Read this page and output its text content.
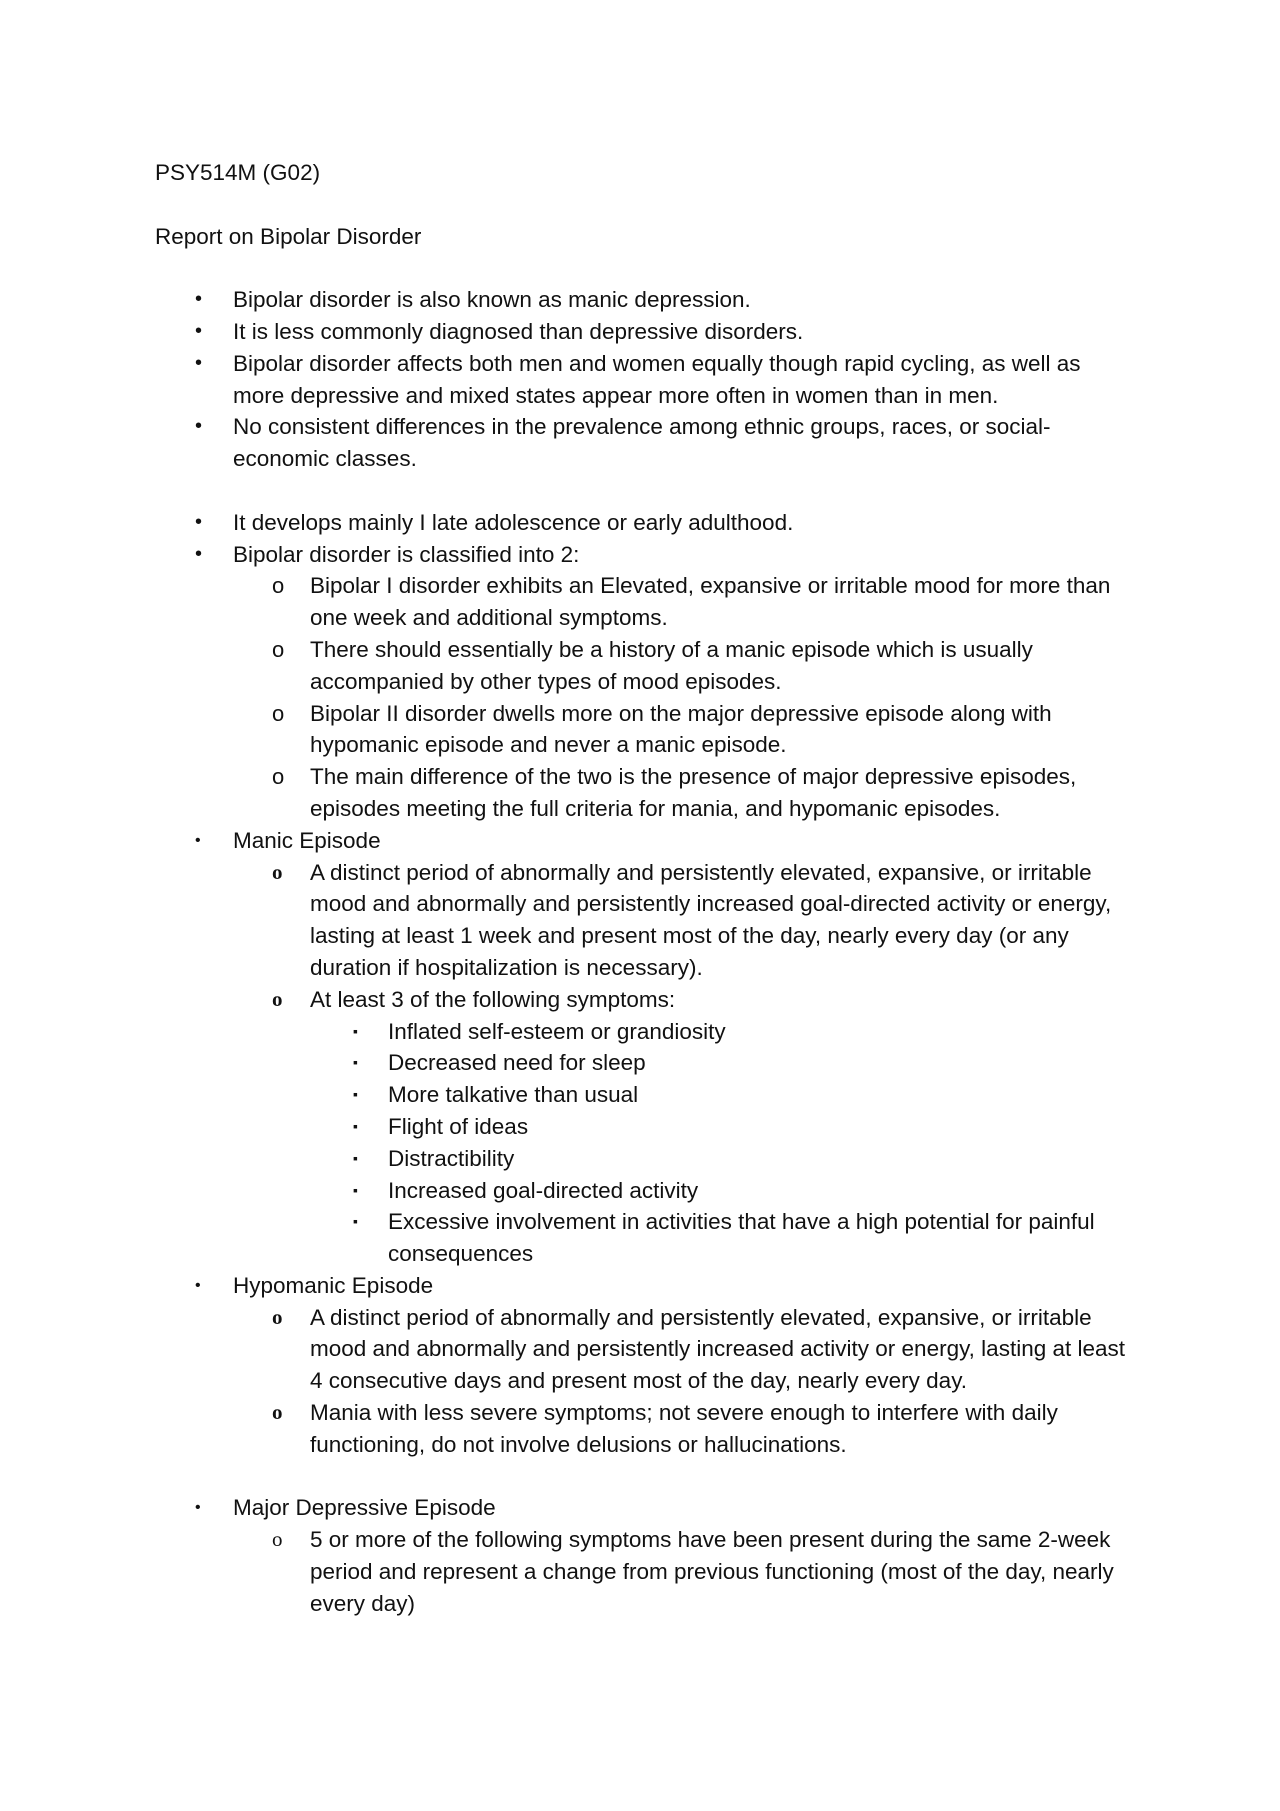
PSY514M (G02)

Report on Bipolar Disorder

• Bipolar disorder is also known as manic depression.
• It is less commonly diagnosed than depressive disorders.
• Bipolar disorder affects both men and women equally though rapid cycling, as well as more depressive and mixed states appear more often in women than in men.
• No consistent differences in the prevalence among ethnic groups, races, or social-economic classes.
• It develops mainly I late adolescence or early adulthood.
• Bipolar disorder is classified into 2:
o Bipolar I disorder exhibits an Elevated, expansive or irritable mood for more than one week and additional symptoms.
o There should essentially be a history of a manic episode which is usually accompanied by other types of mood episodes.
o Bipolar II disorder dwells more on the major depressive episode along with hypomanic episode and never a manic episode.
o The main difference of the two is the presence of major depressive episodes, episodes meeting the full criteria for mania, and hypomanic episodes.
• Manic Episode
o A distinct period of abnormally and persistently elevated, expansive, or irritable mood and abnormally and persistently increased goal-directed activity or energy, lasting at least 1 week and present most of the day, nearly every day (or any duration if hospitalization is necessary).
o At least 3 of the following symptoms:
▪ Inflated self-esteem or grandiosity
▪ Decreased need for sleep
▪ More talkative than usual
▪ Flight of ideas
▪ Distractibility
▪ Increased goal-directed activity
▪ Excessive involvement in activities that have a high potential for painful consequences
• Hypomanic Episode
o A distinct period of abnormally and persistently elevated, expansive, or irritable mood and abnormally and persistently increased activity or energy, lasting at least 4 consecutive days and present most of the day, nearly every day.
o Mania with less severe symptoms; not severe enough to interfere with daily functioning, do not involve delusions or hallucinations.
• Major Depressive Episode
o 5 or more of the following symptoms have been present during the same 2-week period and represent a change from previous functioning (most of the day, nearly every day)
